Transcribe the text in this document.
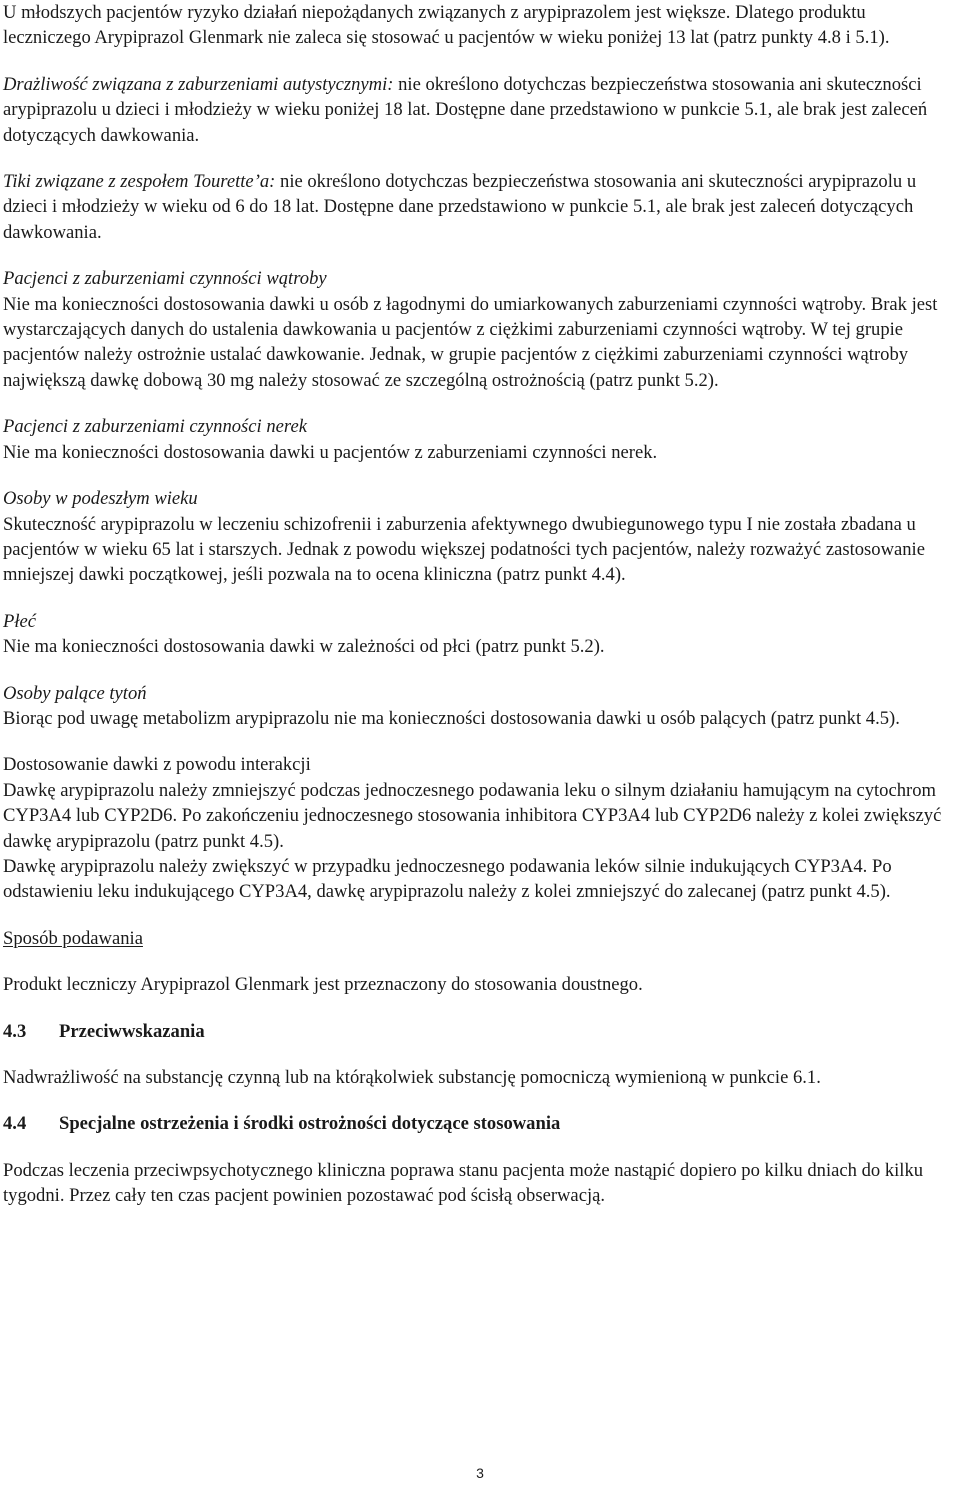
U młodszych pacjentów ryzyko działań niepożądanych związanych z arypiprazolem jest większe. Dlatego produktu leczniczego Arypiprazol Glenmark nie zaleca się stosować u pacjentów w wieku poniżej 13 lat (patrz punkty 4.8 i 5.1).

Drażliwość związana z zaburzeniami autystycznymi: nie określono dotychczas bezpieczeństwa stosowania ani skuteczności arypiprazolu u dzieci i młodzieży w wieku poniżej 18 lat. Dostępne dane przedstawiono w punkcie 5.1, ale brak jest zaleceń dotyczących dawkowania.

Tiki związane z zespołem Tourette’a: nie określono dotychczas bezpieczeństwa stosowania ani skuteczności arypiprazolu u dzieci i młodzieży w wieku od 6 do 18 lat. Dostępne dane przedstawiono w punkcie 5.1, ale brak jest zaleceń dotyczących dawkowania.

Pacjenci z zaburzeniami czynności wątroby

Nie ma konieczności dostosowania dawki u osób z łagodnymi do umiarkowanych zaburzeniami czynności wątroby. Brak jest wystarczających danych do ustalenia dawkowania u pacjentów z ciężkimi zaburzeniami czynności wątroby. W tej grupie pacjentów należy ostrożnie ustalać dawkowanie. Jednak, w grupie pacjentów z ciężkimi zaburzeniami czynności wątroby największą dawkę dobową 30 mg należy stosować ze szczególną ostrożnością (patrz punkt 5.2).

Pacjenci z zaburzeniami czynności nerek

Nie ma konieczności dostosowania dawki u pacjentów z zaburzeniami czynności nerek.

Osoby w podeszłym wieku

Skuteczność arypiprazolu w leczeniu schizofrenii i zaburzenia afektywnego dwubiegunowego typu I nie została zbadana u pacjentów w wieku 65 lat i starszych. Jednak z powodu większej podatności tych pacjentów, należy rozważyć zastosowanie mniejszej dawki początkowej, jeśli pozwala na to ocena kliniczna (patrz punkt 4.4).

Płeć

Nie ma konieczności dostosowania dawki w zależności od płci (patrz punkt 5.2).

Osoby palące tytoń

Biorąc pod uwagę metabolizm arypiprazolu nie ma konieczności dostosowania dawki u osób palących (patrz punkt 4.5).

Dostosowanie dawki z powodu interakcji

Dawkę arypiprazolu należy zmniejszyć podczas jednoczesnego podawania leku o silnym działaniu hamującym na cytochrom CYP3A4 lub CYP2D6. Po zakończeniu jednoczesnego stosowania inhibitora CYP3A4 lub CYP2D6 należy z kolei zwiększyć dawkę arypiprazolu (patrz punkt 4.5).

Dawkę arypiprazolu należy zwiększyć w przypadku jednoczesnego podawania leków silnie indukujących CYP3A4. Po odstawieniu leku indukującego CYP3A4, dawkę arypiprazolu należy z kolei zmniejszyć do zalecanej (patrz punkt 4.5).

Sposób podawania

Produkt leczniczy Arypiprazol Glenmark jest przeznaczony do stosowania doustnego.

4.3	Przeciwwskazania

Nadwrażliwość na substancję czynną lub na którąkolwiek substancję pomocniczą wymienioną w punkcie 6.1.

4.4	Specjalne ostrzeżenia i środki ostrożności dotyczące stosowania

Podczas leczenia przeciwpsychotycznego kliniczna poprawa stanu pacjenta może nastąpić dopiero po kilku dniach do kilku tygodni. Przez cały ten czas pacjent powinien pozostawać pod ścisłą obserwacją.

3
